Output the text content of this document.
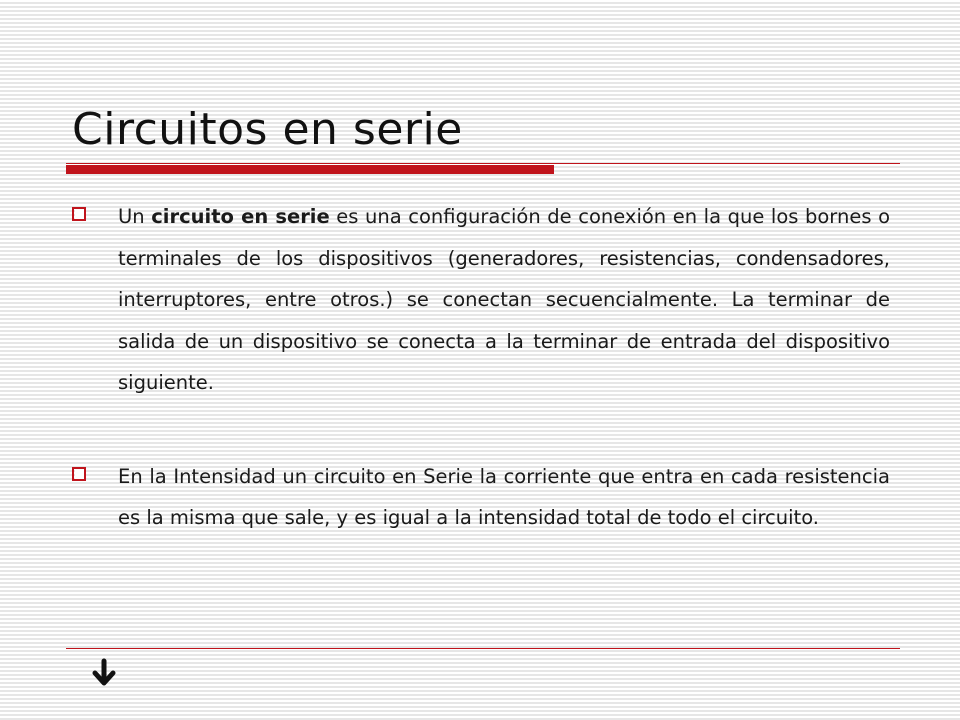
Circuitos en serie
Un circuito en serie es una configuración de conexión en la que los bornes o terminales de los dispositivos (generadores, resistencias, condensadores, interruptores, entre otros.) se conectan secuencialmente. La terminar de salida de un dispositivo se conecta a la terminar de entrada del dispositivo siguiente.
En la Intensidad un circuito en Serie la corriente que entra en cada resistencia es la misma que sale, y es igual a la intensidad total de todo el circuito.
